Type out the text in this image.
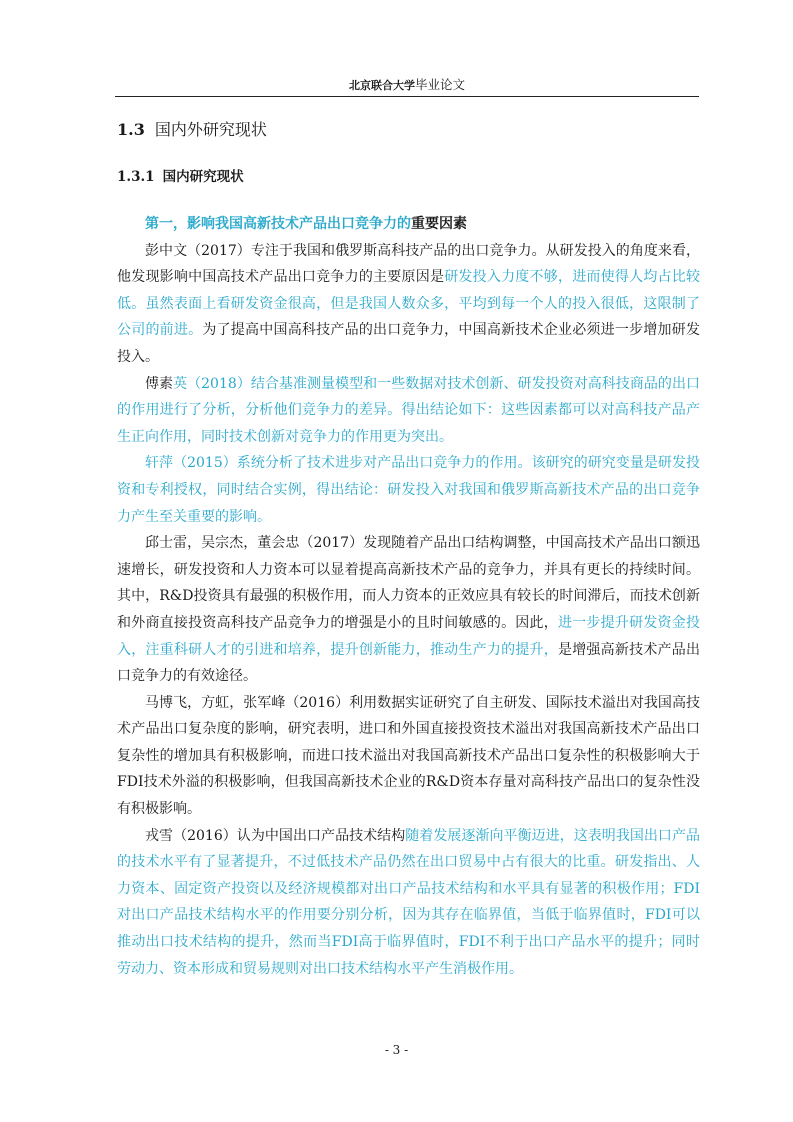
北京联合大学毕业论文
1.3 国内外研究现状
1.3.1 国内研究现状

第一，影响我国高新技术产品出口竞争力的重要因素

彭中文（2017）专注于我国和俄罗斯高科技产品的出口竞争力。从研发投入的角度来看，他发现影响中国高技术产品出口竞争力的主要原因是研发投入力度不够，进而使得人均占比较低。虽然表面上看研发资金很高，但是我国人数众多，平均到每一个人的投入很低，这限制了公司的前进。为了提高中国高科技产品的出口竞争力，中国高新技术企业必须进一步增加研发投入。

傅素英（2018）结合基准测量模型和一些数据对技术创新、研发投资对高科技商品的出口的作用进行了分析，分析他们竞争力的差异。得出结论如下：这些因素都可以对高科技产品产生正向作用，同时技术创新对竞争力的作用更为突出。

轩萍（2015）系统分析了技术进步对产品出口竞争力的作用。该研究的研究变量是研发投资和专利授权，同时结合实例，得出结论：研发投入对我国和俄罗斯高新技术产品的出口竞争力产生至关重要的影响。

邱士雷，吴宗杰，董会忠（2017）发现随着产品出口结构调整，中国高技术产品出口额迅速增长，研发投资和人力资本可以显着提高高新技术产品的竞争力，并具有更长的持续时间。其中，R&D投资具有最强的积极作用，而人力资本的正效应具有较长的时间滞后，而技术创新和外商直接投资高科技产品竞争力的增强是小的且时间敏感的。因此，进一步提升研发资金投入，注重科研人才的引进和培养，提升创新能力，推动生产力的提升，是增强高新技术产品出口竞争力的有效途径。

马博飞，方虹，张军峰（2016）利用数据实证研究了自主研发、国际技术溢出对我国高技术产品出口复杂度的影响，研究表明，进口和外国直接投资技术溢出对我国高新技术产品出口复杂性的增加具有积极影响，而进口技术溢出对我国高新技术产品出口复杂性的积极影响大于FDI技术外溢的积极影响，但我国高新技术企业的R&D资本存量对高科技产品出口的复杂性没有积极影响。

戎雪（2016）认为中国出口产品技术结构随着发展逐渐向平衡迈进，这表明我国出口产品的技术水平有了显著提升，不过低技术产品仍然在出口贸易中占有很大的比重。研发指出、人力资本、固定资产投资以及经济规模都对出口产品技术结构和水平具有显著的积极作用；FDI对出口产品技术结构水平的作用要分别分析，因为其存在临界值，当低于临界值时，FDI可以推动出口技术结构的提升，然而当FDI高于临界值时，FDI不利于出口产品水平的提升；同时劳动力、资本形成和贸易规则对出口技术结构水平产生消极作用。

- 3 -
